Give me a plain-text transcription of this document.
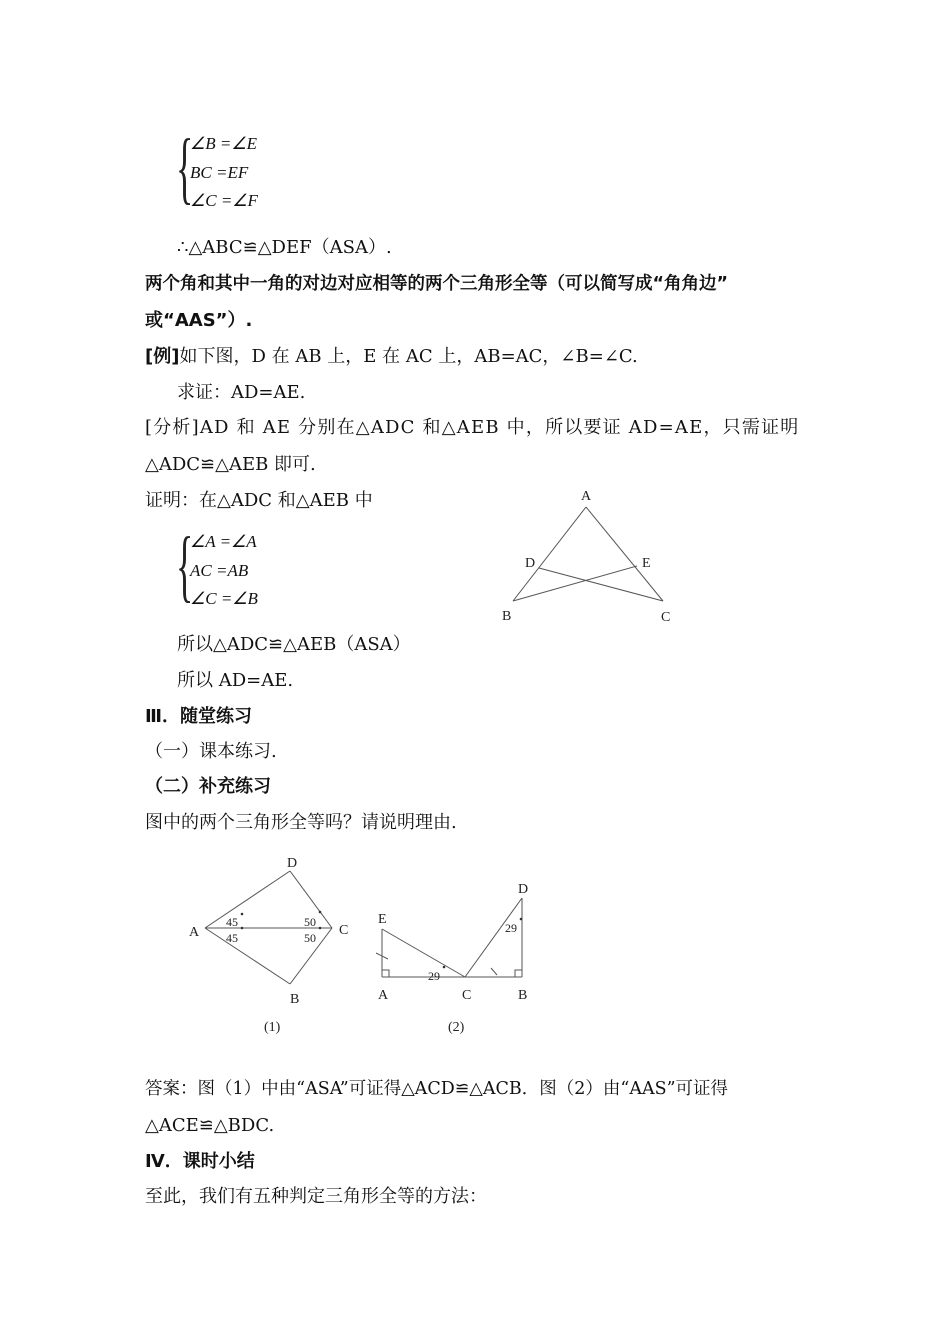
{
∠B =∠E
BC =EF
∠C =∠F
∴△ABC≌△DEF（ASA）.
两个角和其中一角的对边对应相等的两个三角形全等（可以简写成“角角边”
或“AAS”）.
[例]如下图，D 在 AB 上，E 在 AC 上，AB=AC，∠B=∠C.
求证：AD=AE.
[分析]AD 和 AE 分别在△ADC 和△AEB 中，所以要证 AD=AE，只需证明
△ADC≌△AEB 即可.
证明：在△ADC 和△AEB 中
{
∠A =∠A
AC =AB
∠C =∠B
A
D	E
B	C
所以△ADC≌△AEB（ASA）
所以 AD=AE.
Ⅲ．随堂练习
（一）课本练习.
（二）补充练习
图中的两个三角形全等吗？请说明理由.
D
A	C
B
45
45
50
50
(1)
E
D
A	C	B
29
29
(2)
答案：图（1）中由“ASA”可证得△ACD≌△ACB．图（2）由“AAS”可证得
△ACE≌△BDC.
Ⅳ．课时小结
至此，我们有五种判定三角形全等的方法：
